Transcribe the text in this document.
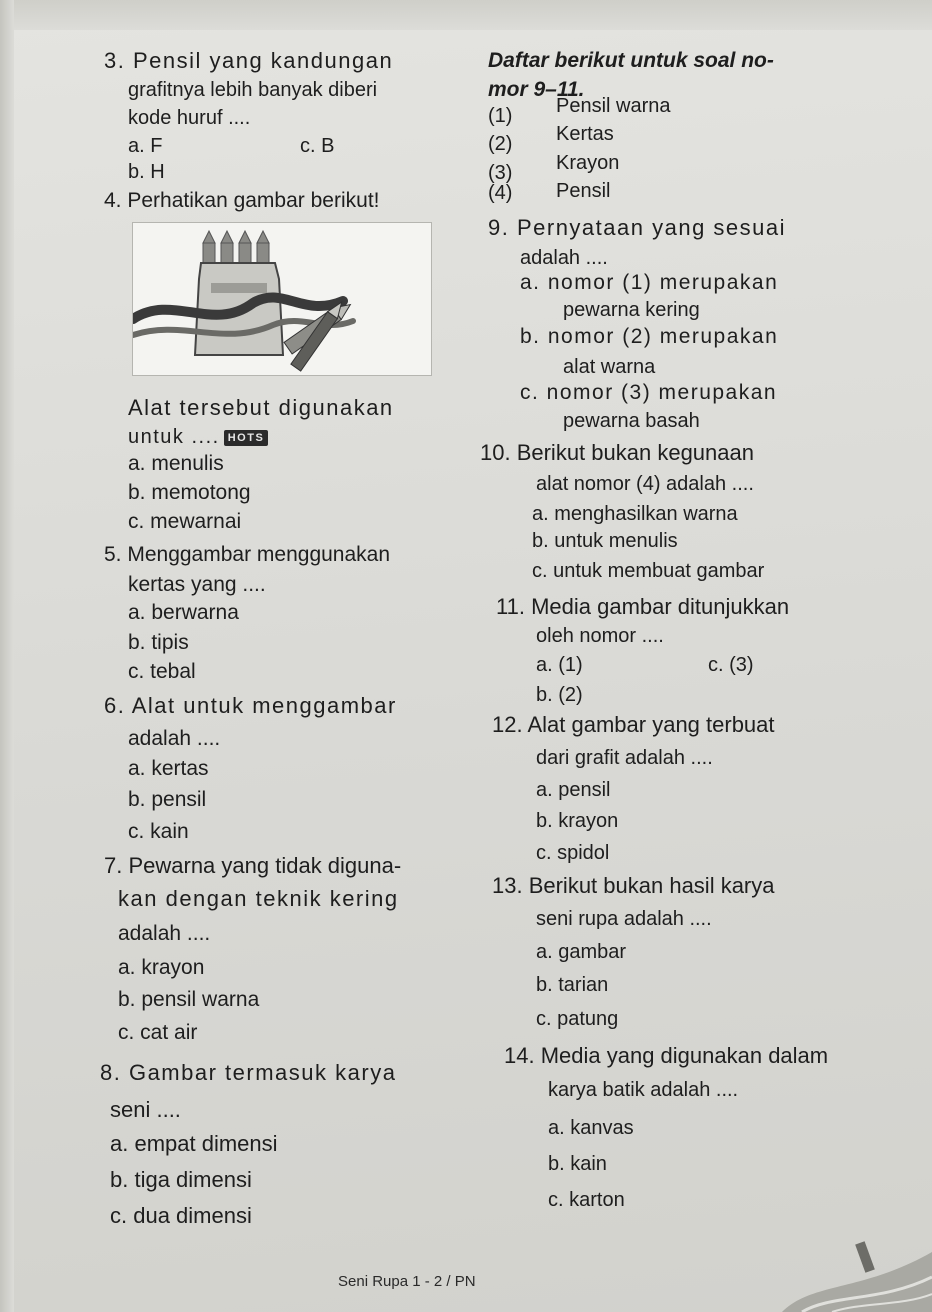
3. Pensil yang kandungan
grafitnya lebih banyak diberi
kode huruf ....
a. F	c. B
b. H
4. Perhatikan gambar berikut!
Alat tersebut digunakan
untuk .... HOTS
a. menulis
b. memotong
c. mewarnai
5. Menggambar menggunakan
kertas yang ....
a. berwarna
b. tipis
c. tebal
6. Alat untuk menggambar
adalah ....
a. kertas
b. pensil
c. kain
7. Pewarna yang tidak diguna-
kan dengan teknik kering
adalah ....
a. krayon
b. pensil warna
c. cat air
8. Gambar termasuk karya
seni ....
a. empat dimensi
b. tiga dimensi
c. dua dimensi
Daftar berikut untuk soal no-
mor 9–11.
(1) Pensil warna
(2) Kertas
(3) Krayon
(4) Pensil
9. Pernyataan yang sesuai
adalah ....
a. nomor (1) merupakan
pewarna kering
b. nomor (2) merupakan
alat warna
c. nomor (3) merupakan
pewarna basah
10. Berikut bukan kegunaan
alat nomor (4) adalah ....
a. menghasilkan warna
b. untuk menulis
c. untuk membuat gambar
11. Media gambar ditunjukkan
oleh nomor ....
a. (1)	c. (3)
b. (2)
12. Alat gambar yang terbuat
dari grafit adalah ....
a. pensil
b. krayon
c. spidol
13. Berikut bukan hasil karya
seni rupa adalah ....
a. gambar
b. tarian
c. patung
14. Media yang digunakan dalam
karya batik adalah ....
a. kanvas
b. kain
c. karton
Seni Rupa 1 - 2 / PN
